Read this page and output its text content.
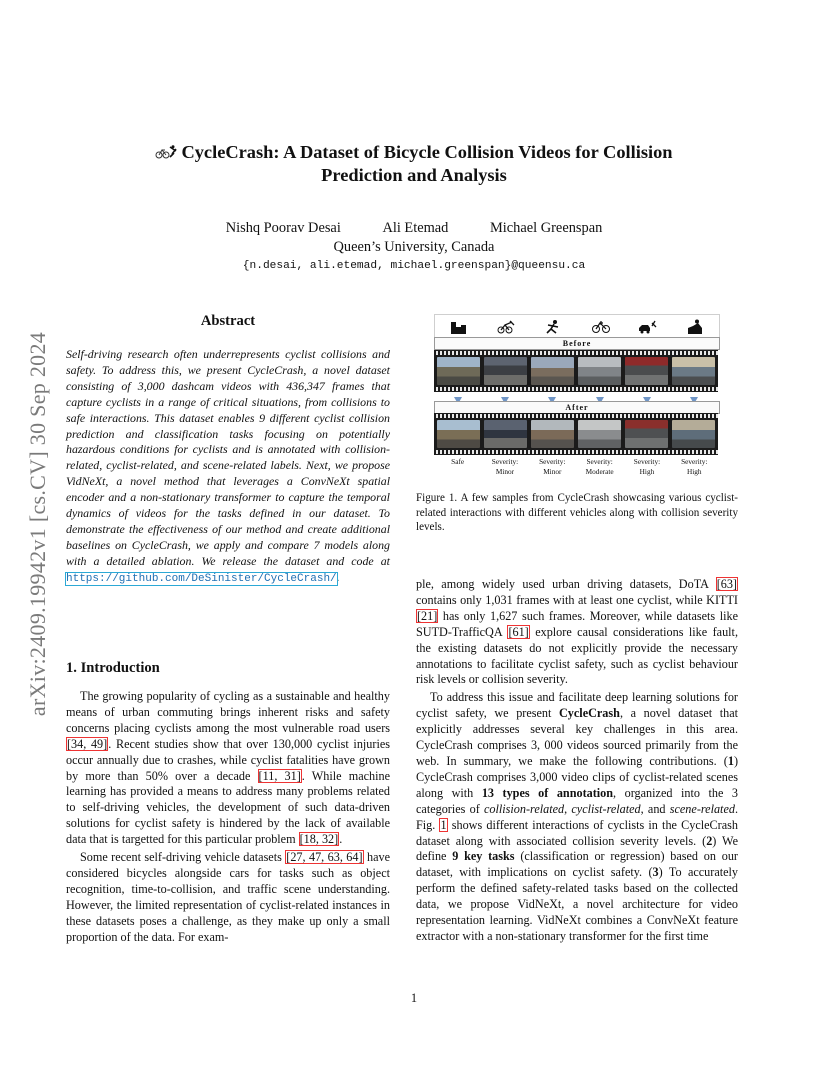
arXiv:2409.19942v1 [cs.CV] 30 Sep 2024
CycleCrash: A Dataset of Bicycle Collision Videos for Collision
Prediction and Analysis
Nishq Poorav Desai	Ali Etemad	Michael Greenspan
Queen’s University, Canada
{n.desai, ali.etemad, michael.greenspan}@queensu.ca
Abstract
Self-driving research often underrepresents cyclist collisions and safety. To address this, we present CycleCrash, a novel dataset consisting of 3,000 dashcam videos with 436,347 frames that capture cyclists in a range of critical situations, from collisions to safe interactions. This dataset enables 9 different cyclist collision prediction and classification tasks focusing on potentially hazardous conditions for cyclists and is annotated with collision-related, cyclist-related, and scene-related labels. Next, we propose VidNeXt, a novel method that leverages a ConvNeXt spatial encoder and a non-stationary transformer to capture the temporal dynamics of videos for the tasks defined in our dataset. To demonstrate the effectiveness of our method and create additional baselines on CycleCrash, we apply and compare 7 models along with a detailed ablation. We release the dataset and code at https://github.com/DeSinister/CycleCrash/.
1. Introduction

The growing popularity of cycling as a sustainable and healthy means of urban commuting brings inherent risks and safety concerns placing cyclists among the most vulnerable road users [34, 49]. Recent studies show that over 130,000 cyclist injuries occur annually due to crashes, while cyclist fatalities have grown by more than 50% over a decade [11, 31]. While machine learning has provided a means to address many problems related to self-driving vehicles, the development of such data-driven solutions for cyclist safety is hindered by the lack of available data that is targetted for this particular problem [18, 32].

Some recent self-driving vehicle datasets [27, 47, 63, 64] have considered bicycles alongside cars for tasks such as object recognition, time-to-collision, and traffic scene understanding. However, the limited representation of cyclist-related instances in these datasets poses a challenge, as they make up only a small proportion of the data. For exam-

Before
After
Safe	Severity:
Minor
Severity:
Minor
Severity:
Moderate
Severity:
High
Severity:
High
Figure 1. A few samples from CycleCrash showcasing various cyclist-related interactions with different vehicles along with collision severity levels.

ple, among widely used urban driving datasets, DoTA [63] contains only 1,031 frames with at least one cyclist, while KITTI [21] has only 1,627 such frames. Moreover, while datasets like SUTD-TrafficQA [61] explore causal considerations like fault, the existing datasets do not explicitly provide the necessary annotations to facilitate cyclist safety, such as cyclist behaviour risk levels or collision severity.

To address this issue and facilitate deep learning solutions for cyclist safety, we present CycleCrash, a novel dataset that explicitly addresses several key challenges in this area. CycleCrash comprises 3, 000 videos sourced primarily from the web. In summary, we make the following contributions. (1) CycleCrash comprises 3,000 video clips of cyclist-related scenes along with 13 types of annotation, organized into the 3 categories of collision-related, cyclist-related, and scene-related. Fig. 1 shows different interactions of cyclists in the CycleCrash dataset along with associated collision severity levels. (2) We define 9 key tasks (classification or regression) based on our dataset, with implications on cyclist safety. (3) To accurately perform the defined safety-related tasks based on the collected data, we propose VidNeXt, a novel architecture for video representation learning. VidNeXt combines a ConvNeXt feature extractor with a non-stationary transformer for the first time

1
